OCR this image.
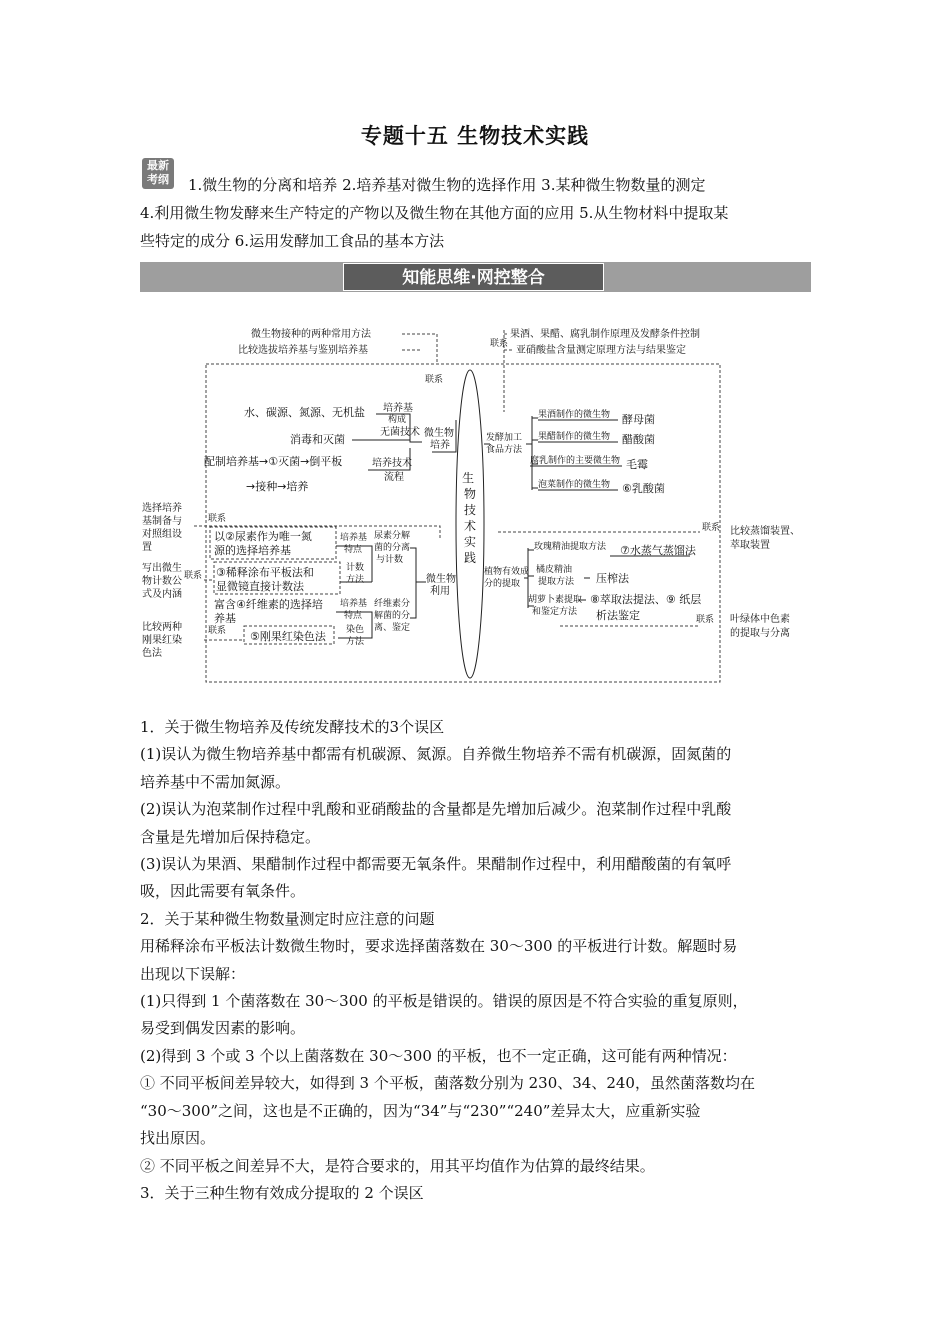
专题十五 生物技术实践
最新
考纲	1.微生物的分离和培养 2.培养基对微生物的选择作用 3.某种微生物数量的测定
4.利用微生物发酵来生产特定的产物以及微生物在其他方面的应用 5.从生物材料中提取某
些特定的成分 6.运用发酵加工食品的基本方法
知能思维·网控整合
生 物技术实践
微生物接种的两种常用方法
比较选拔培养基与鉴别培养基
果酒、果醋、腐乳制作原理及发酵条件控制
亚硝酸盐含量测定原理方法与结果鉴定
联系
联系
水、碳源、氮源、无机盐 培养基
构成
无菌技术
消毒和灭菌	微生物
培养
配制培养基→①灭菌→倒平板
→接种→培养
培养技术
流程
选择培养
基制备与
对照组设
置
写出微生
物计数公
式及内涵
比较两种
刚果红染
色法
联系
联系
联系
以②尿素作为唯一氮
源的选择培养基
③稀释涂布平板法和
显微镜直接计数法
富含④纤维素的选择培
养基
⑤刚果红染色法
培养基
特点
计数
方法
培养基
特点
染色
方法
尿素分解
菌的分离
与计数
纤维素分
解菌的分
离、鉴定
微生物
利用
发酵加工
食品方法
果酒制作的微生物 酵母菌
果醋制作的微生物 醋酸菌
腐乳制作的主要微生物 毛霉
泡菜制作的微生物 ⑥乳酸菌
植物有效成
分的提取
玫瑰精油提取方法 ⑦水蒸气蒸馏法
橘皮精油
提取方法 压榨法
胡萝卜素提取
和鉴定方法
⑧萃取法提法、⑨ 纸层
析法鉴定
联系
联系
比较蒸馏装置、
萃取装置
叶绿体中色素
的提取与分离

1．关于微生物培养及传统发酵技术的3个误区

(1)误认为微生物培养基中都需有机碳源、氮源。自养微生物培养不需有机碳源，固氮菌的

培养基中不需加氮源。

(2)误认为泡菜制作过程中乳酸和亚硝酸盐的含量都是先增加后减少。泡菜制作过程中乳酸

含量是先增加后保持稳定。

(3)误认为果酒、果醋制作过程中都需要无氧条件。果醋制作过程中，利用醋酸菌的有氧呼

吸，因此需要有氧条件。

2．关于某种微生物数量测定时应注意的问题

用稀释涂布平板法计数微生物时，要求选择菌落数在 30～300 的平板进行计数。解题时易

出现以下误解：

(1)只得到 1 个菌落数在 30～300 的平板是错误的。错误的原因是不符合实验的重复原则，

易受到偶发因素的影响。

(2)得到 3 个或 3 个以上菌落数在 30～300 的平板，也不一定正确，这可能有两种情况：

① 不同平板间差异较大，如得到 3 个平板，菌落数分别为 230、34、240，虽然菌落数均在

“30～300”之间，这也是不正确的，因为“34”与“230”“240”差异太大，应重新实验

找出原因。

② 不同平板之间差异不大，是符合要求的，用其平均值作为估算的最终结果。

3．关于三种生物有效成分提取的 2 个误区
